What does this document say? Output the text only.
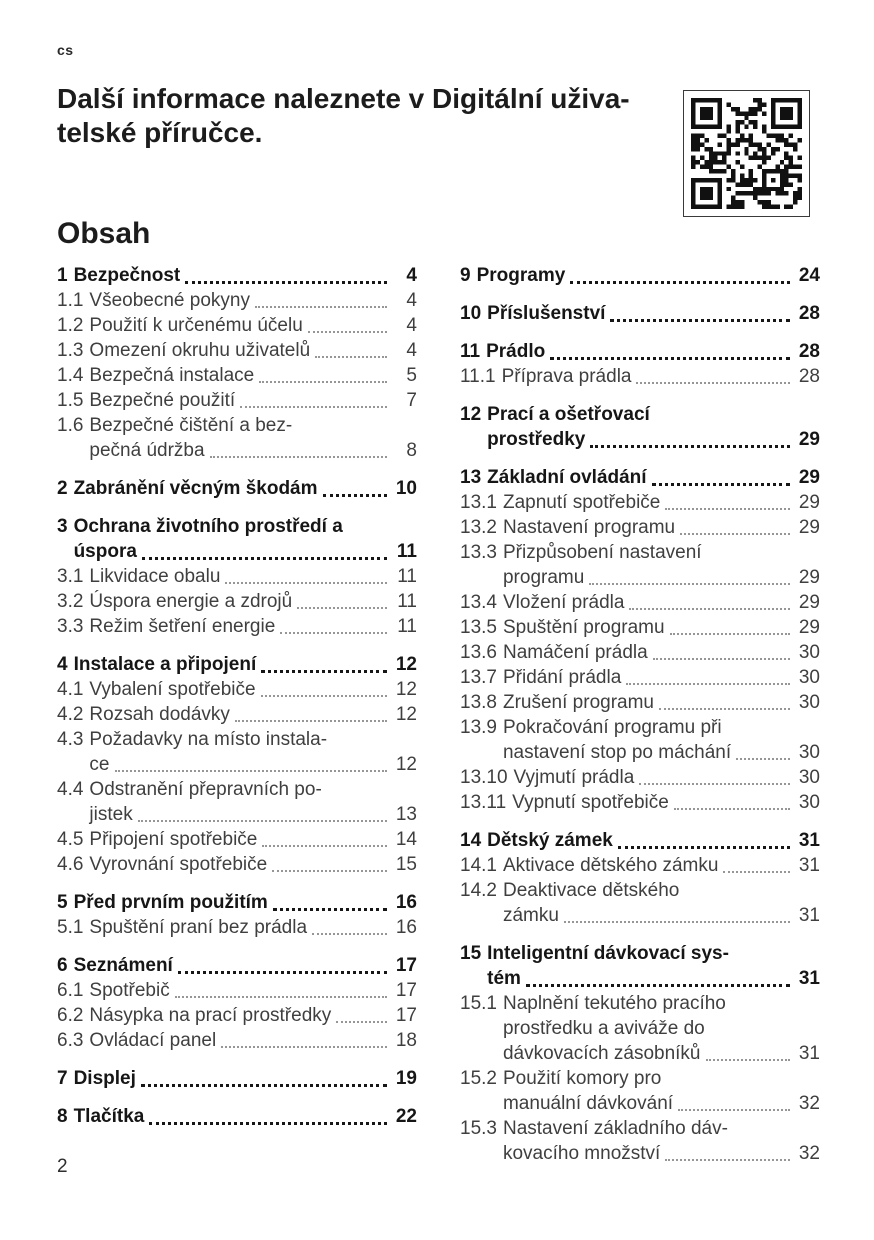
cs
Další informace naleznete v Digitální uživa-
telské příručce.
Obsah
1 Bezpečnost	4
1.1 Všeobecné pokyny	4
1.2 Použití k určenému účelu	4
1.3 Omezení okruhu uživatelů	4
1.4 Bezpečná instalace	5
1.5 Bezpečné použití	7
1.6 Bezpečné čištění a bez-
pečná údržba	8
2 Zabránění věcným škodám	10
3 Ochrana životního prostředí a
úspora	11
3.1 Likvidace obalu	11
3.2 Úspora energie a zdrojů	11
3.3 Režim šetření energie	11
4 Instalace a připojení	12
4.1 Vybalení spotřebiče	12
4.2 Rozsah dodávky	12
4.3 Požadavky na místo instala-
ce	12
4.4 Odstranění přepravních po-
jistek	13
4.5 Připojení spotřebiče	14
4.6 Vyrovnání spotřebiče	15
5 Před prvním použitím	16
5.1 Spuštění praní bez prádla	16
6 Seznámení	17
6.1 Spotřebič	17
6.2 Násypka na prací prostředky	17
6.3 Ovládací panel	18
7 Displej	19
8 Tlačítka	22
9 Programy	24
10 Příslušenství	28
11 Prádlo	28
11.1 Příprava prádla	28
12 Prací a ošetřovací
prostředky	29
13 Základní ovládání	29
13.1 Zapnutí spotřebiče	29
13.2 Nastavení programu	29
13.3 Přizpůsobení nastavení
programu	29
13.4 Vložení prádla	29
13.5 Spuštění programu	29
13.6 Namáčení prádla	30
13.7 Přidání prádla	30
13.8 Zrušení programu	30
13.9 Pokračování programu při
nastavení stop po máchání	30
13.10 Vyjmutí prádla	30
13.11 Vypnutí spotřebiče	30
14 Dětský zámek	31
14.1 Aktivace dětského zámku	31
14.2 Deaktivace dětského
zámku	31
15 Inteligentní dávkovací sys-
tém	31
15.1 Naplnění tekutého pracího
prostředku a aviváže do
dávkovacích zásobníků	31
15.2 Použití komory pro
manuální dávkování	32
15.3 Nastavení základního dáv-
kovacího množství	32
2
